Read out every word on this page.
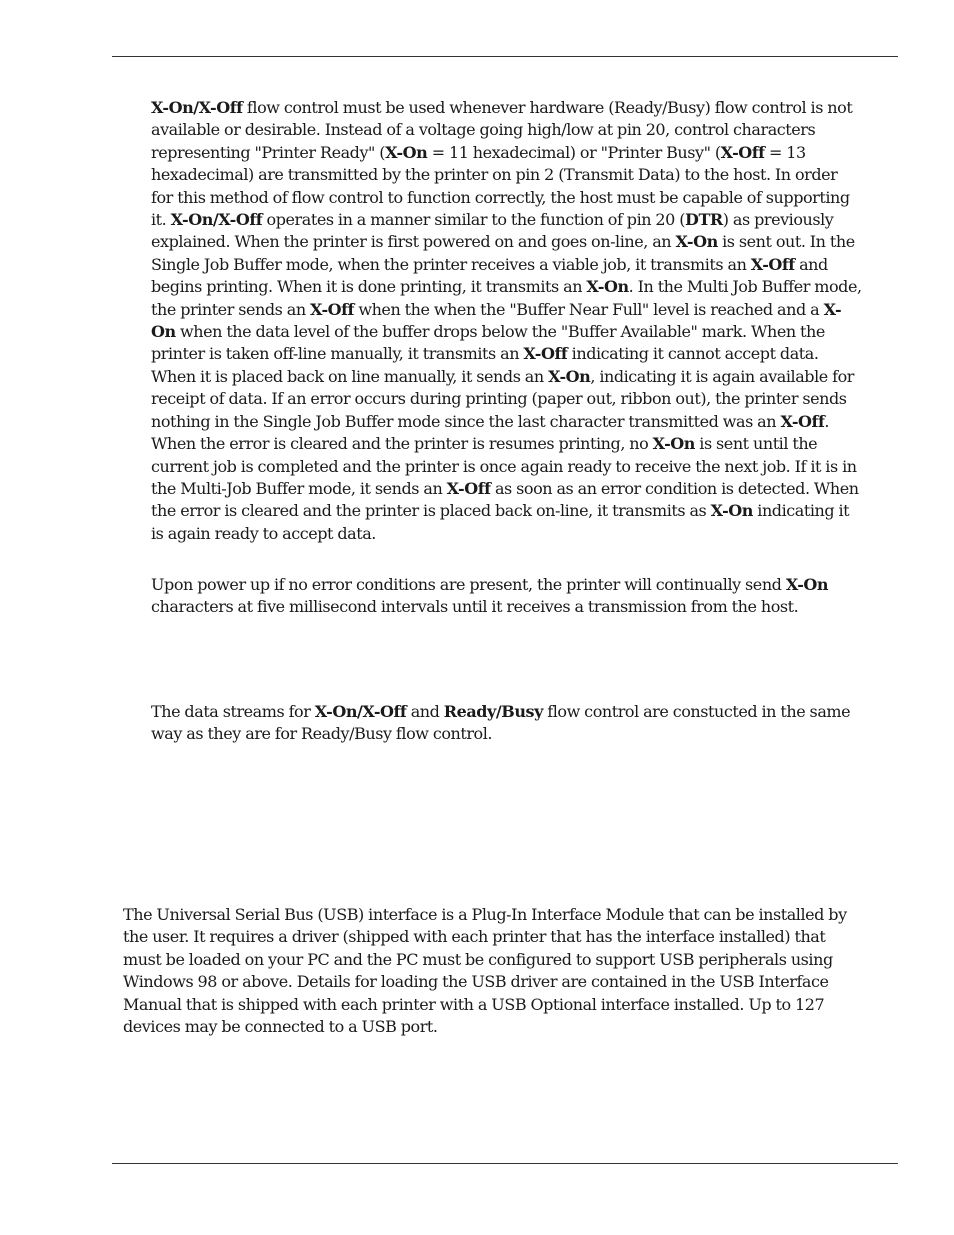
X-On/X-Off flow control must be used whenever hardware (Ready/Busy) flow control is not available or desirable. Instead of a voltage going high/low at pin 20, control characters representing "Printer Ready" (X-On = 11 hexadecimal) or "Printer Busy" (X-Off = 13 hexadecimal) are transmitted by the printer on pin 2 (Transmit Data) to the host. In order for this method of flow control to function correctly, the host must be capable of supporting it. X-On/X-Off operates in a manner similar to the function of pin 20 (DTR) as previously explained. When the printer is first powered on and goes on-line, an X-On is sent out. In the Single Job Buffer mode, when the printer receives a viable job, it transmits an X-Off and begins printing. When it is done printing, it transmits an X-On. In the Multi Job Buffer mode, the printer sends an X-Off when the when the "Buffer Near Full" level is reached and a X-On when the data level of the buffer drops below the "Buffer Available" mark. When the printer is taken off-line manually, it transmits an X-Off indicating it cannot accept data. When it is placed back on line manually, it sends an X-On, indicating it is again available for receipt of data. If an error occurs during printing (paper out, ribbon out), the printer sends nothing in the Single Job Buffer mode since the last character transmitted was an X-Off. When the error is cleared and the printer is resumes printing, no X-On is sent until the current job is completed and the printer is once again ready to receive the next job. If it is in the Multi-Job Buffer mode, it sends an X-Off as soon as an error condition is detected. When the error is cleared and the printer is placed back on-line, it transmits as X-On indicating it is again ready to accept data.

Upon power up if no error conditions are present, the printer will continually send X-On characters at five millisecond intervals until it receives a transmission from the host.

The data streams for X-On/X-Off and Ready/Busy flow control are constucted in the same way as they are for Ready/Busy flow control.

The Universal Serial Bus (USB) interface is a Plug-In Interface Module that can be installed by the user. It requires a driver (shipped with each printer that has the interface installed) that must be loaded on your PC and the PC must be configured to support USB peripherals using Windows 98 or above. Details for loading the USB driver are contained in the USB Interface Manual that is shipped with each printer with a USB Optional interface installed. Up to 127 devices may be connected to a USB port.
